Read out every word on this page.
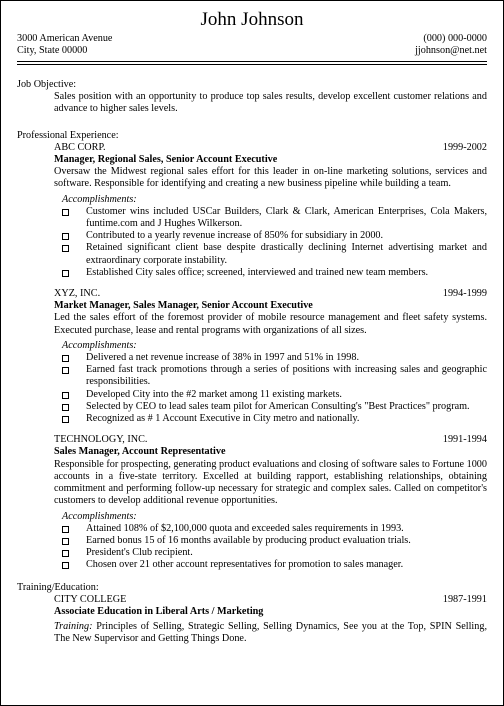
John Johnson
3000 American Avenue	(000) 000-0000
City, State 00000	jjohnson@net.net
Job Objective:
Sales position with an opportunity to produce top sales results, develop excellent customer relations and advance to higher sales levels.
Professional Experience:
ABC CORP.	1999-2002
Manager, Regional Sales, Senior Account Executive
Oversaw the Midwest regional sales effort for this leader in on-line marketing solutions, services and software. Responsible for identifying and creating a new business pipeline while building a team.
Accomplishments:
Customer wins included USCar Builders, Clark & Clark, American Enterprises, Cola Makers, funtime.com and J Hughes Wilkerson.
Contributed to a yearly revenue increase of 850% for subsidiary in 2000.
Retained significant client base despite drastically declining Internet advertising market and extraordinary corporate instability.
Established City sales office; screened, interviewed and trained new team members.
XYZ, INC.	1994-1999
Market Manager, Sales Manager, Senior Account Executive
Led the sales effort of the foremost provider of mobile resource management and fleet safety systems. Executed purchase, lease and rental programs with organizations of all sizes.
Accomplishments:
Delivered a net revenue increase of 38% in 1997 and 51% in 1998.
Earned fast track promotions through a series of positions with increasing sales and geographic responsibilities.
Developed City into the #2 market among 11 existing markets.
Selected by CEO to lead sales team pilot for American Consulting's "Best Practices" program.
Recognized as # 1 Account Executive in City metro and nationally.
TECHNOLOGY, INC.	1991-1994
Sales Manager, Account Representative
Responsible for prospecting, generating product evaluations and closing of software sales to Fortune 1000 accounts in a five-state territory. Excelled at building rapport, establishing relationships, obtaining commitment and performing follow-up necessary for strategic and complex sales. Called on competitor's customers to develop additional revenue opportunities.
Accomplishments:
Attained 108% of $2,100,000 quota and exceeded sales requirements in 1993.
Earned bonus 15 of 16 months available by producing product evaluation trials.
President's Club recipient.
Chosen over 21 other account representatives for promotion to sales manager.
Training/Education:
CITY COLLEGE	1987-1991
Associate Education in Liberal Arts / Marketing
Training: Principles of Selling, Strategic Selling, Selling Dynamics, See you at the Top, SPIN Selling, The New Supervisor and Getting Things Done.
